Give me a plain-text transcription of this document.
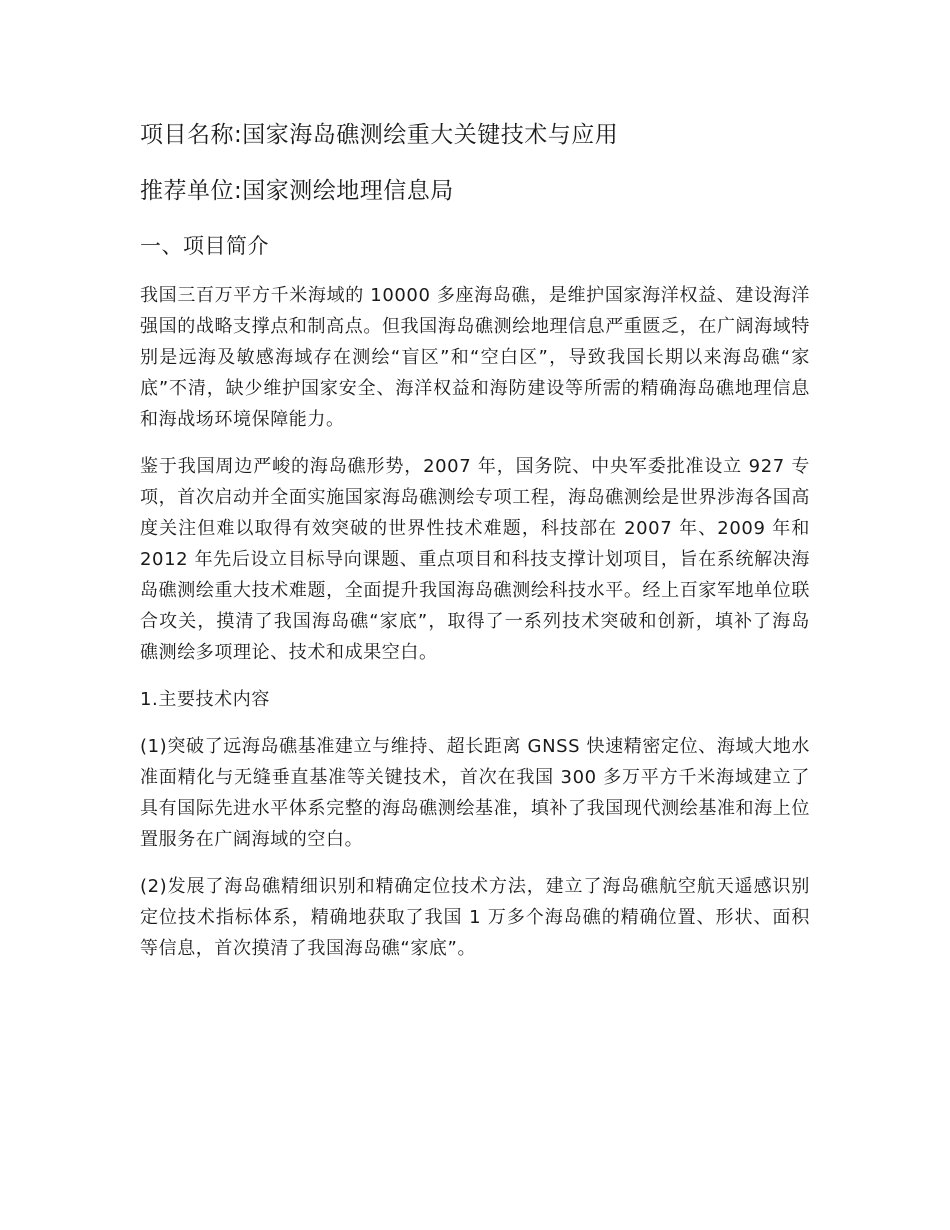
项目名称:国家海岛礁测绘重大关键技术与应用
推荐单位:国家测绘地理信息局
一、项目简介

我国三百万平方千米海域的 10000 多座海岛礁，是维护国家海洋权益、建设海洋强国的战略支撑点和制高点。但我国海岛礁测绘地理信息严重匮乏，在广阔海域特别是远海及敏感海域存在测绘“盲区”和“空白区”，导致我国长期以来海岛礁“家底”不清，缺少维护国家安全、海洋权益和海防建设等所需的精确海岛礁地理信息和海战场环境保障能力。

鉴于我国周边严峻的海岛礁形势，2007 年，国务院、中央军委批准设立 927 专项，首次启动并全面实施国家海岛礁测绘专项工程，海岛礁测绘是世界涉海各国高度关注但难以取得有效突破的世界性技术难题，科技部在 2007 年、2009 年和 2012 年先后设立目标导向课题、重点项目和科技支撑计划项目，旨在系统解决海岛礁测绘重大技术难题，全面提升我国海岛礁测绘科技水平。经上百家军地单位联合攻关，摸清了我国海岛礁“家底”，取得了一系列技术突破和创新，填补了海岛礁测绘多项理论、技术和成果空白。

1.主要技术内容

(1)突破了远海岛礁基准建立与维持、超长距离 GNSS 快速精密定位、海域大地水准面精化与无缝垂直基准等关键技术，首次在我国 300 多万平方千米海域建立了具有国际先进水平体系完整的海岛礁测绘基准，填补了我国现代测绘基准和海上位置服务在广阔海域的空白。

(2)发展了海岛礁精细识别和精确定位技术方法，建立了海岛礁航空航天遥感识别定位技术指标体系，精确地获取了我国 1 万多个海岛礁的精确位置、形状、面积等信息，首次摸清了我国海岛礁“家底”。
